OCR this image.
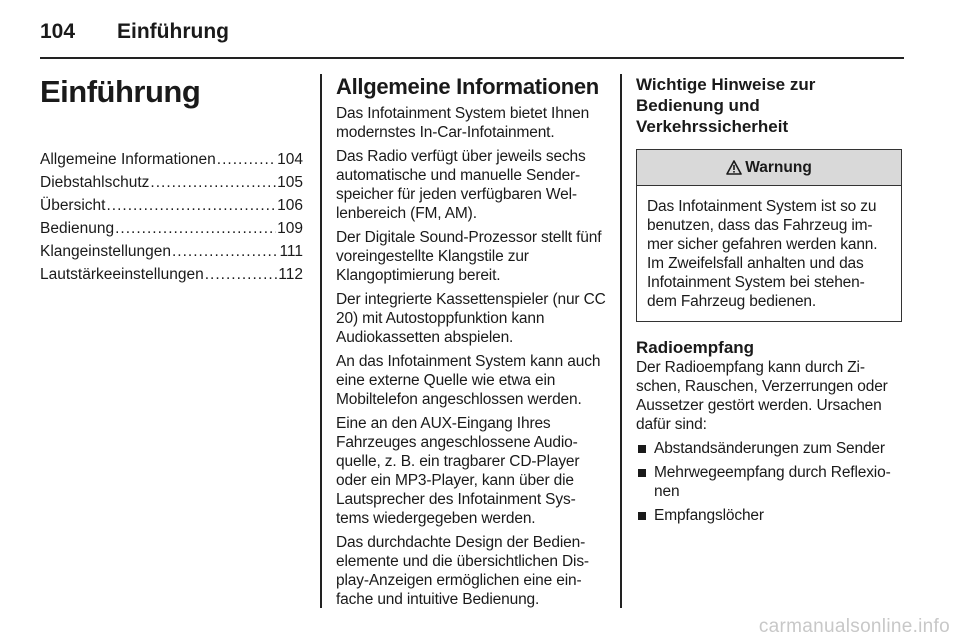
104	Einführung
Einführung
Allgemeine Informationen .....	104
Diebstahlschutz .....	105
Übersicht .....	106
Bedienung .....	109
Klangeinstellungen .....	111
Lautstärkeeinstellungen .....	112
Allgemeine Informationen

Das Infotainment System bietet Ihnen modernstes In-Car-Infotainment.

Das Radio verfügt über jeweils sechs automatische und manuelle Sender-speicher für jeden verfügbaren Wel-lenbereich (FM, AM).

Der Digitale Sound-Prozessor stellt fünf voreingestellte Klangstile zur Klangoptimierung bereit.

Der integrierte Kassettenspieler (nur CC 20) mit Autostoppfunktion kann Audiokassetten abspielen.

An das Infotainment System kann auch eine externe Quelle wie etwa ein Mobiltelefon angeschlossen werden.

Eine an den AUX-Eingang Ihres Fahrzeuges angeschlossene Audio-quelle, z. B. ein tragbarer CD-Player oder ein MP3-Player, kann über die Lautsprecher des Infotainment Sys-tems wiedergegeben werden.

Das durchdachte Design der Bedien-elemente und die übersichtlichen Dis-play-Anzeigen ermöglichen eine ein-fache und intuitive Bedienung.

Wichtige Hinweise zur Bedienung und Verkehrssicherheit
Warnung
Das Infotainment System ist so zu benutzen, dass das Fahrzeug im-mer sicher gefahren werden kann. Im Zweifelsfall anhalten und das Infotainment System bei stehen-dem Fahrzeug bedienen.
Radioempfang

Der Radioempfang kann durch Zi-schen, Rauschen, Verzerrungen oder Aussetzer gestört werden. Ursachen dafür sind:

Abstandsänderungen zum Sender
Mehrwegeempfang durch Reflexio-nen
Empfangslöcher
carmanualsonline.info
